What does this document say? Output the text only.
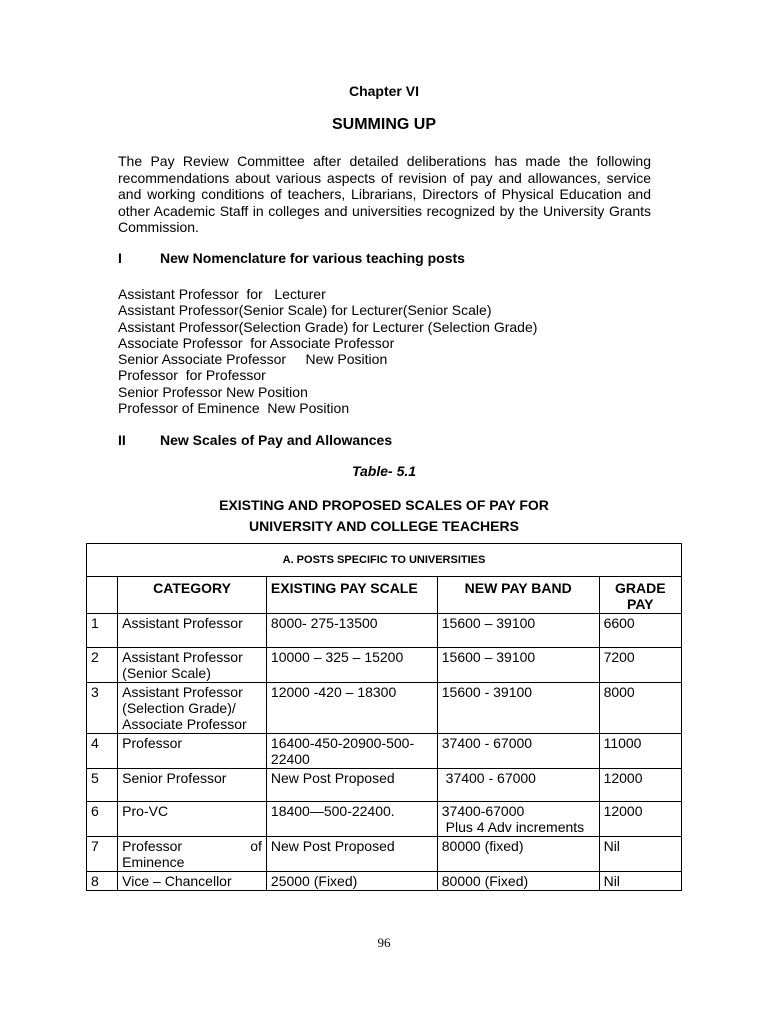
Chapter VI
SUMMING UP

The Pay Review Committee after detailed deliberations has made the following recommendations about various aspects of revision of pay and allowances, service and working conditions of teachers, Librarians, Directors of Physical Education and other Academic Staff in colleges and universities recognized by the University Grants Commission.

I	New Nomenclature for various teaching posts
Assistant Professor  for   Lecturer
Assistant Professor(Senior Scale) for Lecturer(Senior Scale)
Assistant Professor(Selection Grade) for Lecturer (Selection Grade)
Associate Professor  for Associate Professor
Senior Associate Professor     New Position
Professor  for Professor
Senior Professor New Position
Professor of Eminence  New Position
II New Scales of Pay and Allowances
Table- 5.1
EXISTING AND PROPOSED SCALES OF PAY FOR
UNIVERSITY AND COLLEGE TEACHERS
A. POSTS SPECIFIC TO UNIVERSITIES				
	CATEGORY	EXISTING PAY SCALE	NEW PAY BAND	GRADE
PAY
1	Assistant Professor	8000- 275-13500	15600 – 39100	6600
2	Assistant Professor
(Senior Scale)	10000 – 325 – 15200	15600 – 39100	7200
3	Assistant Professor
(Selection Grade)/
Associate Professor	12000 -420 – 18300	15600 - 39100	8000
4	Professor	16400-450-20900-500-
22400	37400 - 67000	11000
5	Senior Professor	New Post Proposed	37400 - 67000	12000
6	Pro-VC	18400—500-22400.	37400-67000
Plus 4 Adv increments	12000
7	Professor of
Eminence	New Post Proposed	80000 (fixed)	Nil
8	Vice – Chancellor	25000 (Fixed)	80000 (Fixed)	Nil
96
